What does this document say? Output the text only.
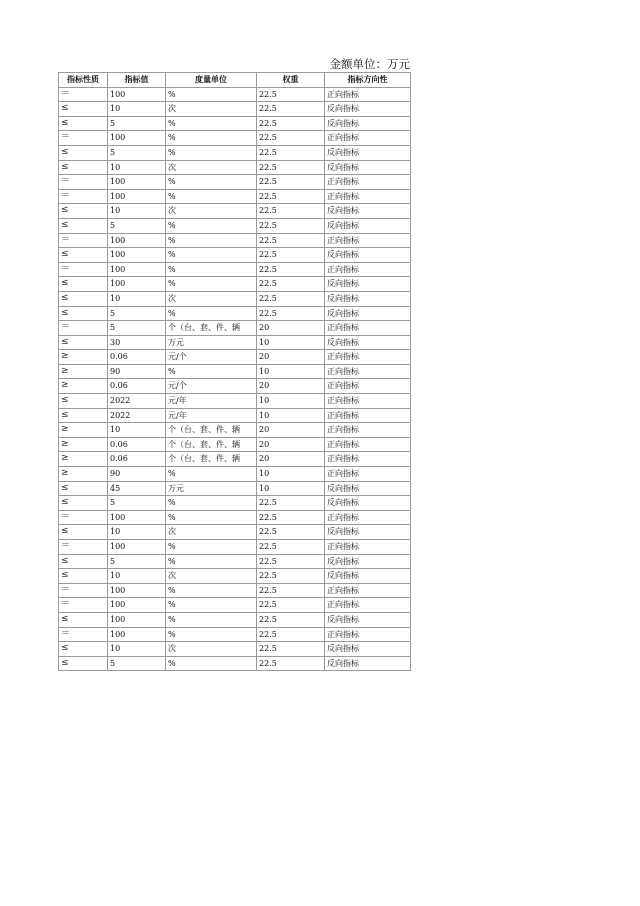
金额单位：万元
指标性质	指标值	度量单位	权重	指标方向性
＝	100	%	22.5	正向指标
≤	10	次	22.5	反向指标
≤	5	%	22.5	反向指标
＝	100	%	22.5	正向指标
≤	5	%	22.5	反向指标
≤	10	次	22.5	反向指标
＝	100	%	22.5	正向指标
＝	100	%	22.5	正向指标
≤	10	次	22.5	反向指标
≤	5	%	22.5	反向指标
＝	100	%	22.5	正向指标
≤	100	%	22.5	反向指标
＝	100	%	22.5	正向指标
≤	100	%	22.5	反向指标
≤	10	次	22.5	反向指标
≤	5	%	22.5	反向指标
＝	5	个（台、套、件、辆	20	正向指标
≤	30	万元	10	反向指标
≥	0.06	元/个	20	正向指标
≥	90	%	10	正向指标
≥	0.06	元/个	20	正向指标
≤	2022	元/年	10	正向指标
≤	2022	元/年	10	正向指标
≥	10	个（台、套、件、辆	20	正向指标
≥	0.06	个（台、套、件、辆	20	正向指标
≥	0.06	个（台、套、件、辆	20	正向指标
≥	90	%	10	正向指标
≤	45	万元	10	反向指标
≤	5	%	22.5	反向指标
＝	100	%	22.5	正向指标
≤	10	次	22.5	反向指标
＝	100	%	22.5	正向指标
≤	5	%	22.5	反向指标
≤	10	次	22.5	反向指标
＝	100	%	22.5	正向指标
＝	100	%	22.5	正向指标
≤	100	%	22.5	反向指标
＝	100	%	22.5	正向指标
≤	10	次	22.5	反向指标
≤	5	%	22.5	反向指标
